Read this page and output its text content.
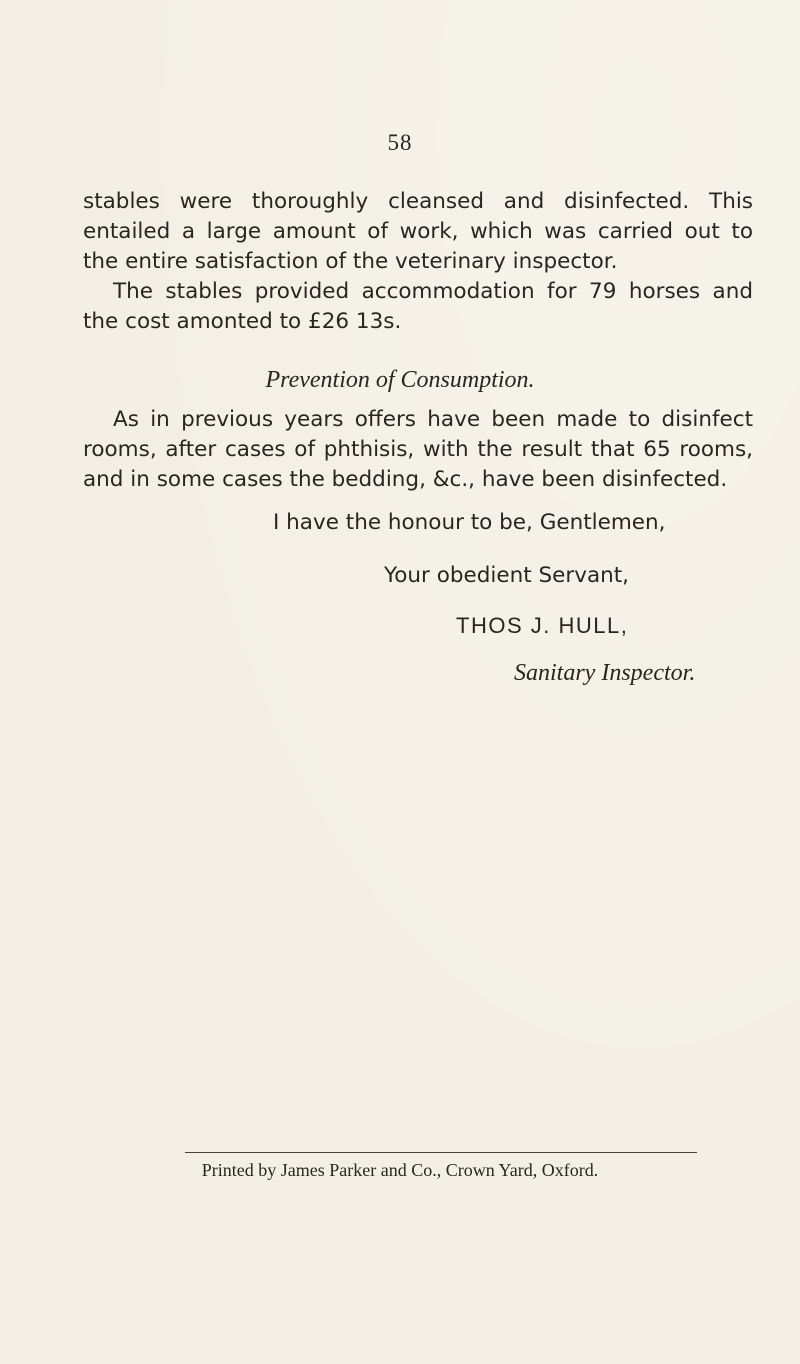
58
stables were thoroughly cleansed and disinfected. This
entailed a large amount of work, which was carried out to
the entire satisfaction of the veterinary inspector.
The stables provided accommodation for 79 horses and
the cost amonted to £26 13s.
Prevention of Consumption.
As in previous years offers have been made to disinfect
rooms, after cases of phthisis, with the result that 65 rooms,
and in some cases the bedding, &c., have been disinfected.
I have the honour to be, Gentlemen,
Your obedient Servant,
THOS J. HULL,
Sanitary Inspector.
Printed by James Parker and Co., Crown Yard, Oxford.
